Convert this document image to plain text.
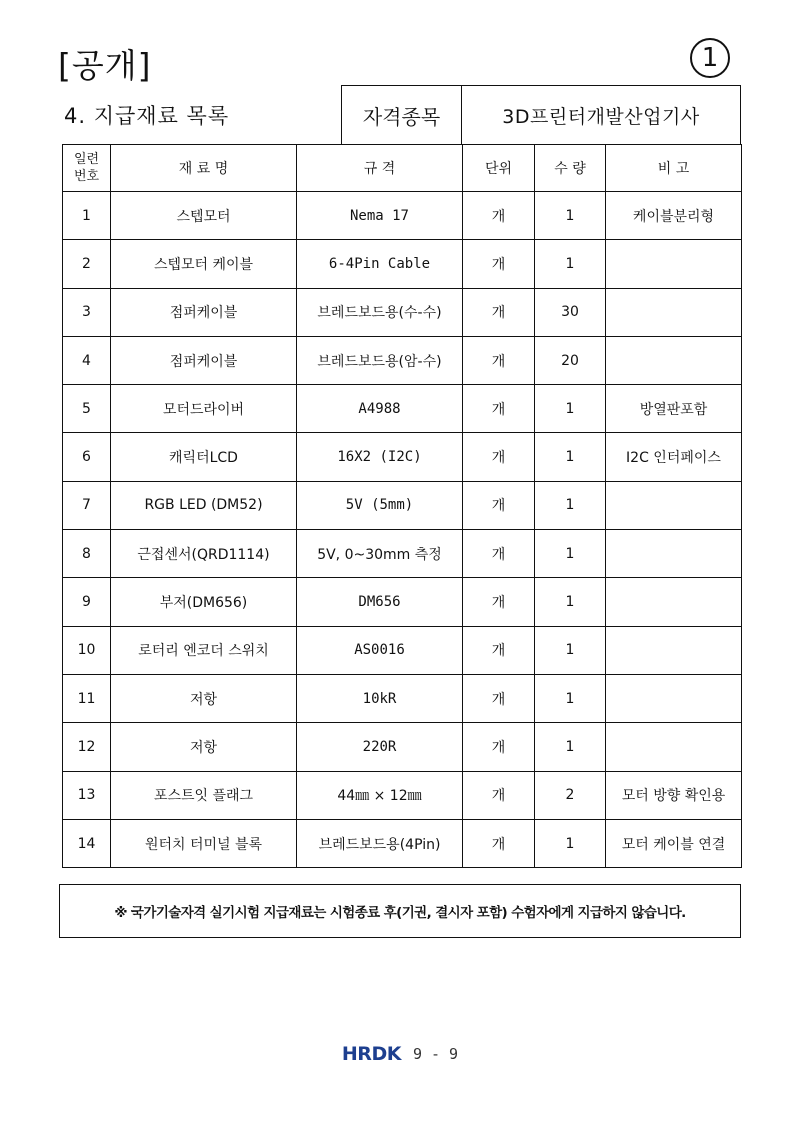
[공개]	1
4. 지급재료 목록	자격종목	3D프린터개발산업기사
일련
번호	재 료 명	규 격	단위	수 량	비 고
1	스텝모터	Nema 17	개	1	케이블분리형
2	스텝모터 케이블	6-4Pin Cable	개	1	
3	점퍼케이블	브레드보드용(수-수)	개	30	
4	점퍼케이블	브레드보드용(암-수)	개	20	
5	모터드라이버	A4988	개	1	방열판포함
6	캐릭터LCD	16X2 (I2C)	개	1	I2C 인터페이스
7	RGB LED (DM52)	5V (5mm)	개	1	
8	근접센서(QRD1114)	5V, 0~30mm 측정	개	1	
9	부저(DM656)	DM656	개	1	
10	로터리 엔코더 스위치	AS0016	개	1	
11	저항	10kR	개	1	
12	저항	220R	개	1	
13	포스트잇 플래그	44㎜ × 12㎜	개	2	모터 방향 확인용
14	원터치 터미널 블록	브레드보드용(4Pin)	개	1	모터 케이블 연결
※ 국가기술자격 실기시험 지급재료는 시험종료 후(기권, 결시자 포함) 수험자에게 지급하지 않습니다.
HRDK 9 - 9
